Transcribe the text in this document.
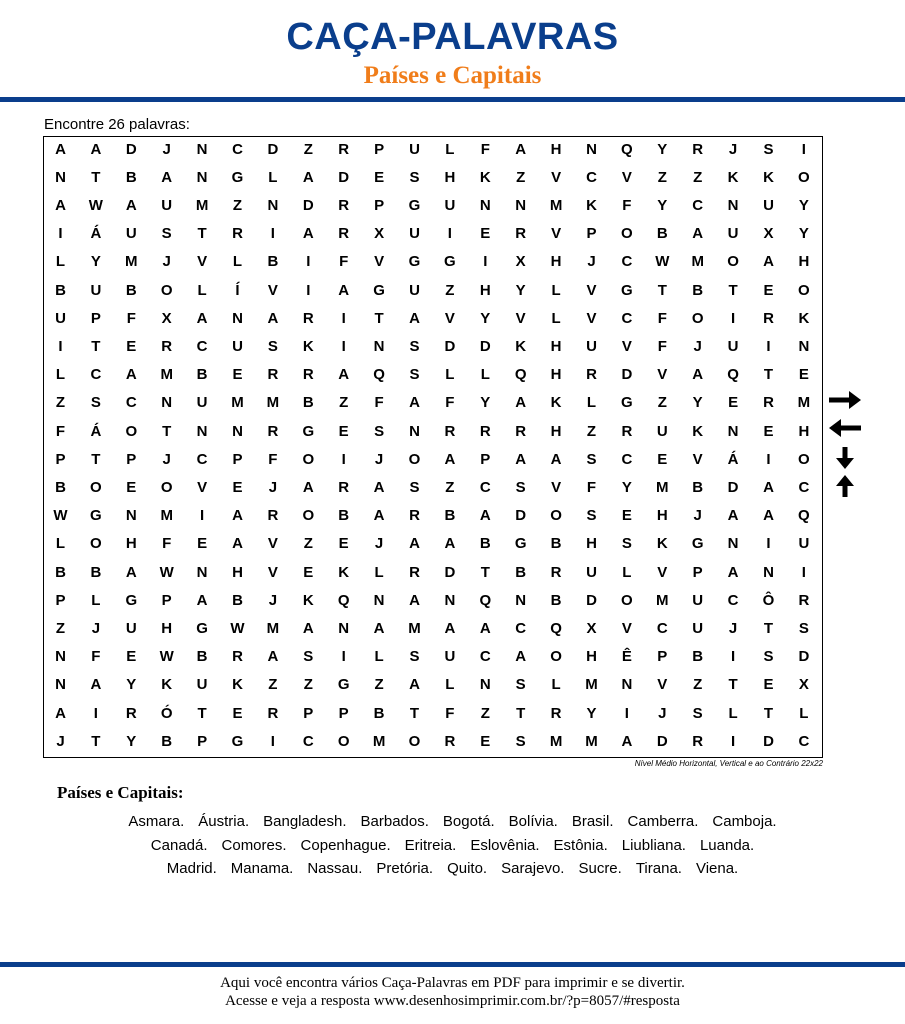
CAÇA-PALAVRAS
Países e Capitais
Encontre 26 palavras:
A	A	D	J	N	C	D	Z	R	P	U	L	F	A	H	N	Q	Y	R	J	S	I
N	T	B	A	N	G	L	A	D	E	S	H	K	Z	V	C	V	Z	Z	K	K	O
A	W	A	U	M	Z	N	D	R	P	G	U	N	N	M	K	F	Y	C	N	U	Y
I	Á	U	S	T	R	I	A	R	X	U	I	E	R	V	P	O	B	A	U	X	Y
L	Y	M	J	V	L	B	I	F	V	G	G	I	X	H	J	C	W	M	O	A	H
B	U	B	O	L	Í	V	I	A	G	U	Z	H	Y	L	V	G	T	B	T	E	O
U	P	F	X	A	N	A	R	I	T	A	V	Y	V	L	V	C	F	O	I	R	K
I	T	E	R	C	U	S	K	I	N	S	D	D	K	H	U	V	F	J	U	I	N
L	C	A	M	B	E	R	R	A	Q	S	L	L	Q	H	R	D	V	A	Q	T	E
Z	S	C	N	U	M	M	B	Z	F	A	F	Y	A	K	L	G	Z	Y	E	R	M
F	Á	O	T	N	N	R	G	E	S	N	R	R	R	H	Z	R	U	K	N	E	H
P	T	P	J	C	P	F	O	I	J	O	A	P	A	A	S	C	E	V	Á	I	O
B	O	E	O	V	E	J	A	R	A	S	Z	C	S	V	F	Y	M	B	D	A	C
W	G	N	M	I	A	R	O	B	A	R	B	A	D	O	S	E	H	J	A	A	Q
L	O	H	F	E	A	V	Z	E	J	A	A	B	G	B	H	S	K	G	N	I	U
B	B	A	W	N	H	V	E	K	L	R	D	T	B	R	U	L	V	P	A	N	I
P	L	G	P	A	B	J	K	Q	N	A	N	Q	N	B	D	O	M	U	C	Ô	R
Z	J	U	H	G	W	M	A	N	A	M	A	A	C	Q	X	V	C	U	J	T	S
N	F	E	W	B	R	A	S	I	L	S	U	C	A	O	H	Ê	P	B	I	S	D
N	A	Y	K	U	K	Z	Z	G	Z	A	L	N	S	L	M	N	V	Z	T	E	X
A	I	R	Ó	T	E	R	P	P	B	T	F	Z	T	R	Y	I	J	S	L	T	L
J	T	Y	B	P	G	I	C	O	M	O	R	E	S	M	M	A	D	R	I	D	C
Nível Médio Horizontal, Vertical e ao Contrário 22x22
Países e Capitais:
Asmara. Áustria. Bangladesh. Barbados. Bogotá. Bolívia. Brasil. Camberra. Camboja.
Canadá. Comores. Copenhague. Eritreia. Eslovênia. Estônia. Liubliana. Luanda.
Madrid. Manama. Nassau. Pretória. Quito. Sarajevo. Sucre. Tirana. Viena.
Aqui você encontra vários Caça-Palavras em PDF para imprimir e se divertir.
Acesse e veja a resposta www.desenhosimprimir.com.br/?p=8057/#resposta
